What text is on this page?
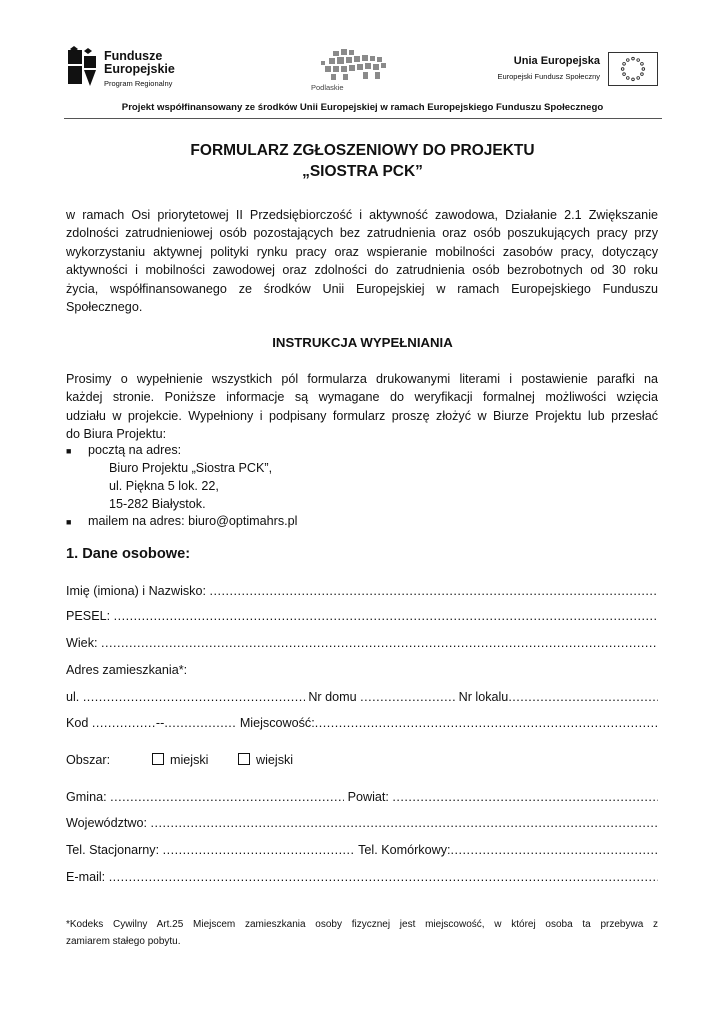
Fundusze
Europejskie
Program Regionalny	Podlaskie
Unia Europejska
Europejski Fundusz Społeczny
Projekt współfinansowany ze środków Unii Europejskiej w ramach Europejskiego Funduszu Społecznego
FORMULARZ ZGŁOSZENIOWY DO PROJEKTU
„SIOSTRA PCK”
w ramach Osi priorytetowej II Przedsiębiorczość i aktywność zawodowa, Działanie 2.1 Zwiększanie
zdolności zatrudnieniowej osób pozostających bez zatrudnienia oraz osób poszukujących pracy przy
wykorzystaniu aktywnej polityki rynku pracy oraz wspieranie mobilności zasobów pracy, dotyczący
aktywności i mobilności zawodowej oraz zdolności do zatrudnienia osób bezrobotnych od 30 roku
życia, współfinansowanego ze środków Unii Europejskiej w ramach Europejskiego Funduszu
Społecznego.
INSTRUKCJA WYPEŁNIANIA
Prosimy o wypełnienie wszystkich pól formularza drukowanymi literami i postawienie parafki na
każdej stronie. Poniższe informacje są wymagane do weryfikacji formalnej możliwości wzięcia
udziału w projekcie. Wypełniony i podpisany formularz proszę złożyć w Biurze Projektu lub przesłać
do Biura Projektu:
■ pocztą na adres:
Biuro Projektu „Siostra PCK”,
ul. Piękna 5 lok. 22,
15-282 Białystok.
■ mailem na adres: biuro@optimahrs.pl
1. Dane osobowe:
Imię (imiona) i Nazwisko:

.....
PESEL:

.....
Wiek:

.....
Adres zamieszkania*:
ul.
.....
	Nr domu
.....
	Nr lokalu
.....
Kod
.....	-- .....
	Miejscowość:
.....
Obszar:	miejski	wiejski
Gmina:
.....
	Powiat:

.....
Województwo:

.....
Tel. Stacjonarny:
.....
	Tel. Komórkowy:
.....
E-mail:

.....
*Kodeks Cywilny Art.25 Miejscem zamieszkania osoby fizycznej jest miejscowość, w której osoba ta przebywa z
zamiarem stałego pobytu.
